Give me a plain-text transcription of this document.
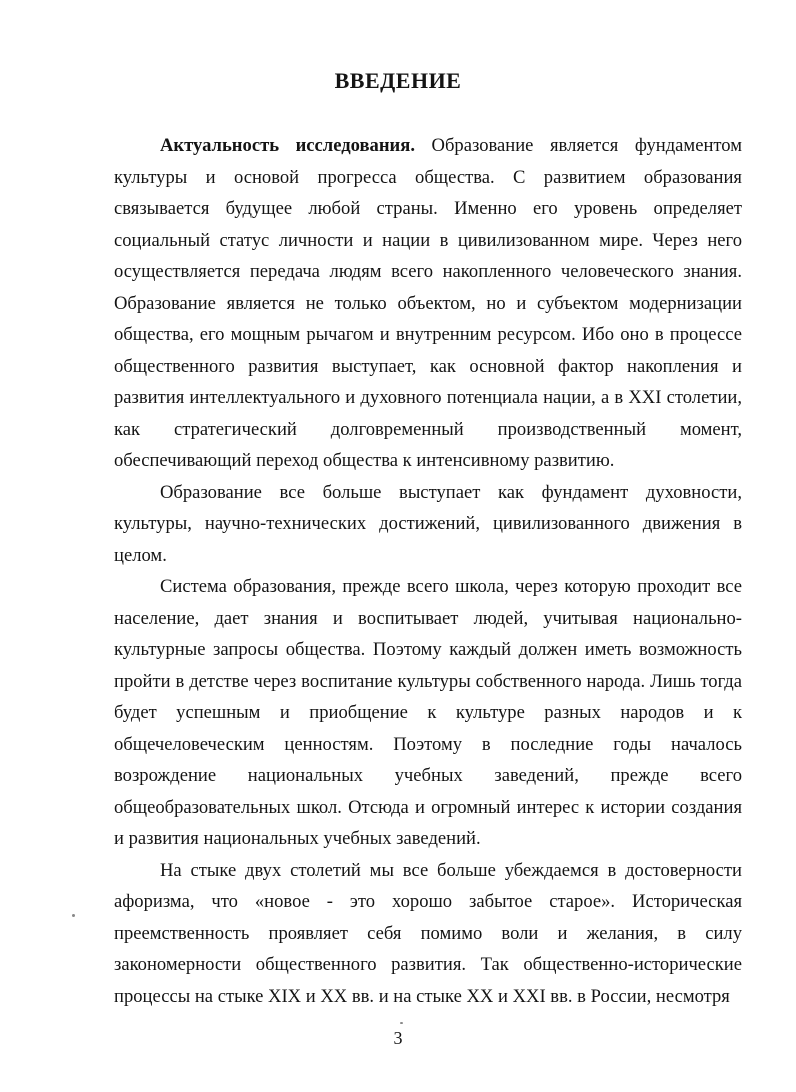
ВВЕДЕНИЕ

Актуальность исследования. Образование является фундаментом культуры и основой прогресса общества. С развитием образования связывается будущее любой страны. Именно его уровень определяет социальный статус личности и нации в цивилизованном мире. Через него осуществляется передача людям всего накопленного человеческого знания. Образование является не только объектом, но и субъектом модернизации общества, его мощным рычагом и внутренним ресурсом. Ибо оно в процессе общественного развития выступает, как основной фактор накопления и развития интеллектуального и духовного потенциала нации, а в XXI столетии, как стратегический долговременный производственный момент, обеспечивающий переход общества к интенсивному развитию.

Образование все больше выступает как фундамент духовности, культуры, научно-технических достижений, цивилизованного движения в целом.

Система образования, прежде всего школа, через которую проходит все население, дает знания и воспитывает людей, учитывая национально-культурные запросы общества. Поэтому каждый должен иметь возможность пройти в детстве через воспитание культуры собственного народа. Лишь тогда будет успешным и приобщение к культуре разных народов и к общечеловеческим ценностям. Поэтому в последние годы началось возрождение национальных учебных заведений, прежде всего общеобразовательных школ. Отсюда и огромный интерес к истории создания и развития национальных учебных заведений.

На стыке двух столетий мы все больше убеждаемся в достоверности афоризма, что «новое - это хорошо забытое старое». Историческая преемственность проявляет себя помимо воли и желания, в силу закономерности общественного развития. Так общественно-исторические процессы на стыке XIX и XX вв. и на стыке XX и XXI вв. в России, несмотря

3
